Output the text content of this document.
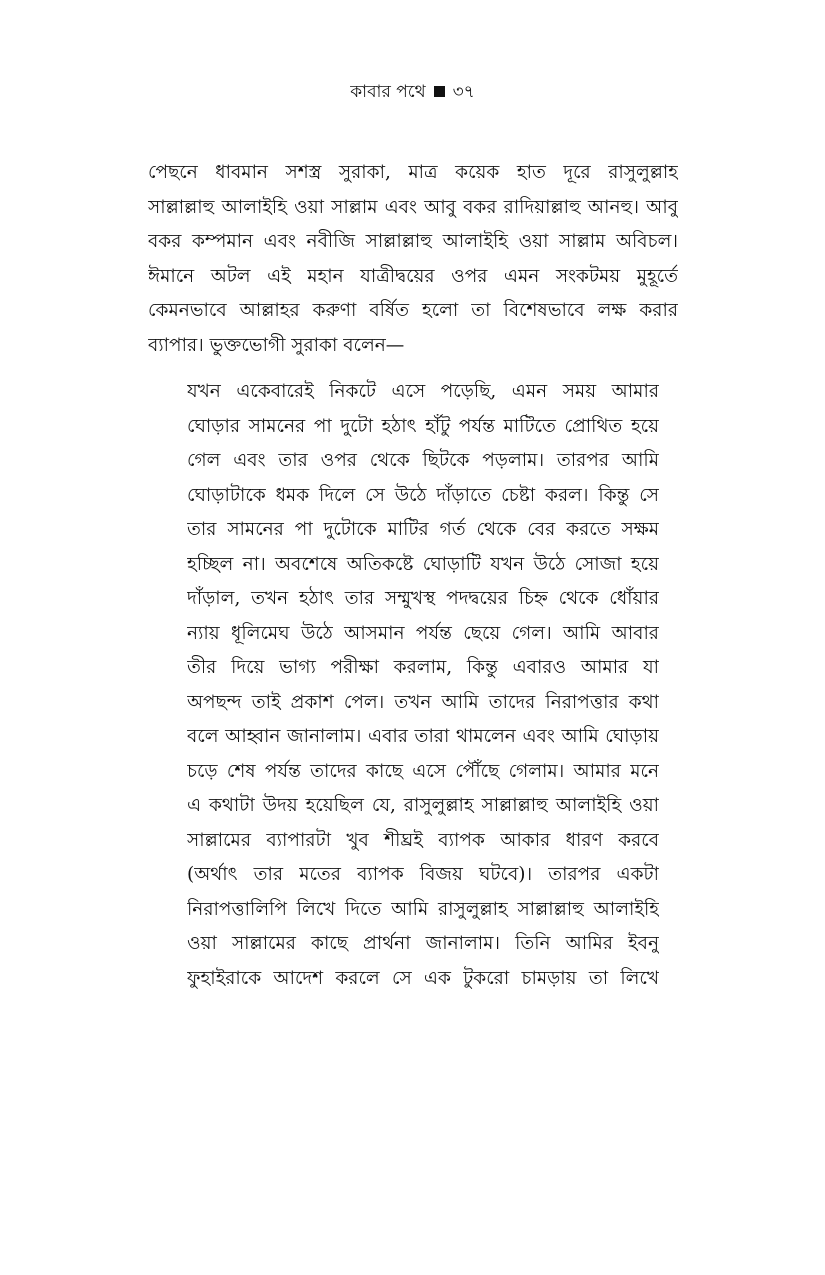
কাবার পথে ৩৭
পেছনে ধাবমান সশস্ত্র সুরাকা, মাত্র কয়েক হাত দূরে রাসুলুল্লাহ
সাল্লাল্লাহু আলাইহি ওয়া সাল্লাম এবং আবু বকর রাদিয়াল্লাহু আনহু। আবু
বকর কম্পমান এবং নবীজি সাল্লাল্লাহু আলাইহি ওয়া সাল্লাম অবিচল।
ঈমানে অটল এই মহান যাত্রীদ্বয়ের ওপর এমন সংকটময় মুহূর্তে
কেমনভাবে আল্লাহর করুণা বর্ষিত হলো তা বিশেষভাবে লক্ষ করার
ব্যাপার। ভুক্তভোগী সুরাকা বলেন—
যখন একেবারেই নিকটে এসে পড়েছি, এমন সময় আমার
ঘোড়ার সামনের পা দুটো হঠাৎ হাঁটু পর্যন্ত মাটিতে প্রোথিত হয়ে
গেল এবং তার ওপর থেকে ছিটকে পড়লাম। তারপর আমি
ঘোড়াটাকে ধমক দিলে সে উঠে দাঁড়াতে চেষ্টা করল। কিন্তু সে
তার সামনের পা দুটোকে মাটির গর্ত থেকে বের করতে সক্ষম
হচ্ছিল না। অবশেষে অতিকষ্টে ঘোড়াটি যখন উঠে সোজা হয়ে
দাঁড়াল, তখন হঠাৎ তার সম্মুখস্থ পদদ্বয়ের চিহ্ন থেকে ধোঁয়ার
ন্যায় ধূলিমেঘ উঠে আসমান পর্যন্ত ছেয়ে গেল। আমি আবার
তীর দিয়ে ভাগ্য পরীক্ষা করলাম, কিন্তু এবারও আমার যা
অপছন্দ তাই প্রকাশ পেল। তখন আমি তাদের নিরাপত্তার কথা
বলে আহ্বান জানালাম। এবার তারা থামলেন এবং আমি ঘোড়ায়
চড়ে শেষ পর্যন্ত তাদের কাছে এসে পৌঁছে গেলাম। আমার মনে
এ কথাটা উদয় হয়েছিল যে, রাসুলুল্লাহ সাল্লাল্লাহু আলাইহি ওয়া
সাল্লামের ব্যাপারটা খুব শীঘ্রই ব্যাপক আকার ধারণ করবে
(অর্থাৎ তার মতের ব্যাপক বিজয় ঘটবে)। তারপর একটা
নিরাপত্তালিপি লিখে দিতে আমি রাসুলুল্লাহ সাল্লাল্লাহু আলাইহি
ওয়া সাল্লামের কাছে প্রার্থনা জানালাম। তিনি আমির ইবনু
ফুহাইরাকে আদেশ করলে সে এক টুকরো চামড়ায় তা লিখে
